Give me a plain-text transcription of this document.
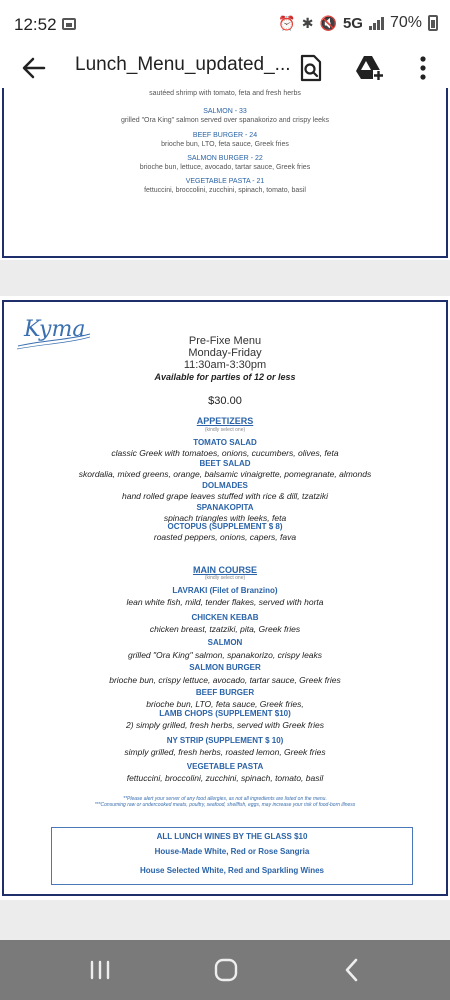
12:52	⏰ ✱ 🔇 5G 70%
Lunch_Menu_updated_...
sautéed shrimp with tomato, feta and fresh herbs
SALMON - 33
grilled "Ora King" salmon served over spanakorizo and crispy leeks
BEEF BURGER - 24
brioche bun, LTO, feta sauce, Greek fries
SALMON BURGER - 22
brioche bun, lettuce, avocado, tartar sauce, Greek fries
VEGETABLE PASTA - 21
fettuccini, broccolini, zucchini, spinach, tomato, basil
Kyma	Pre-Fixe Menu
Monday-Friday
11:30am-3:30pm
Available for parties of 12 or less
$30.00
APPETIZERS
(kindly select one)
TOMATO SALAD
classic Greek with tomatoes, onions, cucumbers, olives, feta
BEET SALAD
skordalia, mixed greens, orange, balsamic vinaigrette, pomegranate, almonds
DOLMADES
hand rolled grape leaves stuffed with rice & dill, tzatziki
SPANAKOPITA
spinach triangles with leeks, feta
OCTOPUS (SUPPLEMENT $ 8)
roasted peppers, onions, capers, fava
MAIN COURSE
(kindly select one)
LAVRAKI (Filet of Branzino)
lean white fish, mild, tender flakes, served with horta
CHICKEN KEBAB
chicken breast, tzatziki, pita, Greek fries
SALMON
grilled "Ora King" salmon, spanakorizo, crispy leaks
SALMON BURGER
brioche bun, crispy lettuce, avocado, tartar sauce, Greek fries
BEEF BURGER
brioche bun, LTO, feta sauce, Greek fries,
LAMB CHOPS (SUPPLEMENT $10)
2) simply grilled, fresh herbs, served with Greek fries
NY STRIP (SUPPLEMENT $ 10)
simply grilled, fresh herbs, roasted lemon, Greek fries
VEGETABLE PASTA
fettuccini, broccolini, zucchini, spinach, tomato, basil
**Please alert your server of any food allergies, as not all ingredients are listed on the menu.
***Consuming raw or undercooked meats, poultry, seafood, shellfish, eggs, may increase your risk of food-born illness
ALL LUNCH WINES BY THE GLASS $10
House-Made White, Red or Rose Sangria
House Selected White, Red and Sparkling Wines
